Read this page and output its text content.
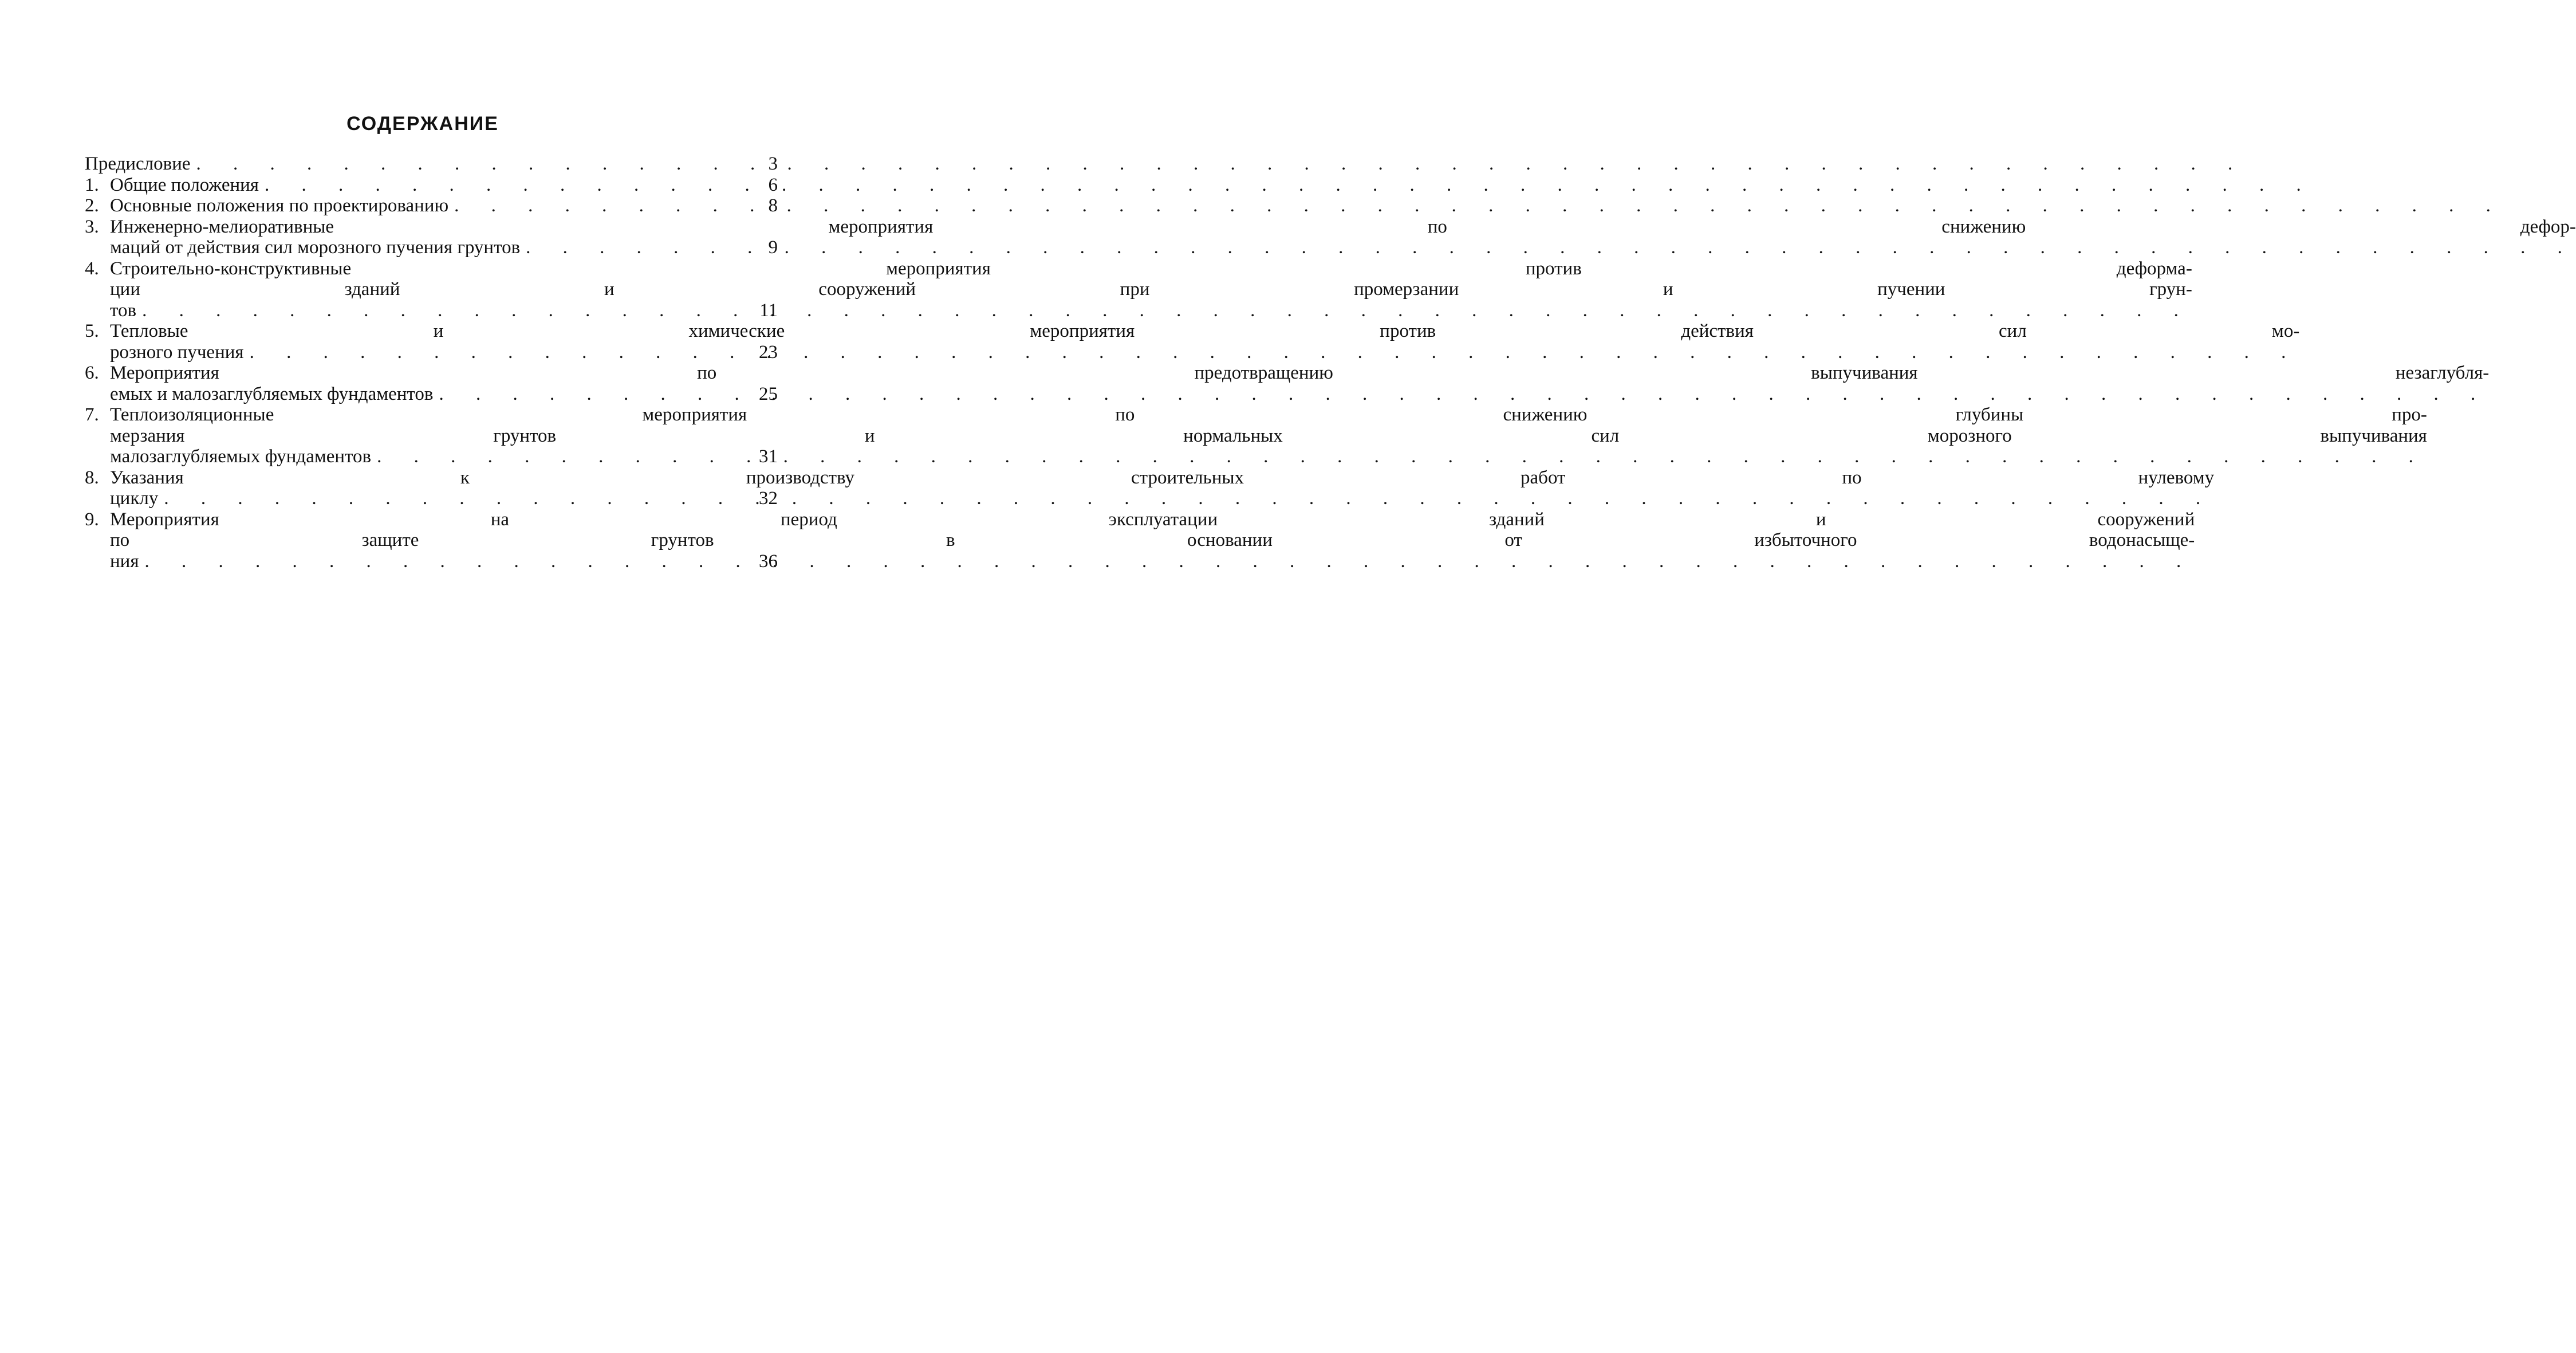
СОДЕРЖАНИЕ
Предисловие . . .	3
1. Общие положения . . .	6
2. Основные положения по проектированию . . .	8
3. Инженерно-мелиоративные мероприятия по снижению дефор-
маций от действия сил морозного пучения грунтов . . .	9
4. Строительно-конструктивные мероприятия против деформа-
ции зданий и сооружений при промерзании и пучении грун-
тов . . .	11
5. Тепловые и химические мероприятия против действия сил мо-
розного пучения . . .	23
6. Мероприятия по предотвращению выпучивания незаглубля-
емых и малозаглубляемых фундаментов . . .	25
7. Теплоизоляционные мероприятия по снижению глубины про-
мерзания грунтов и нормальных сил морозного выпучивания
малозаглубляемых фундаментов . . .	31
8. Указания к производству строительных работ по нулевому
циклу . . .	32
9. Мероприятия на период эксплуатации зданий и сооружений
по защите грунтов в основании от избыточного водонасыще-
ния . . .	36
